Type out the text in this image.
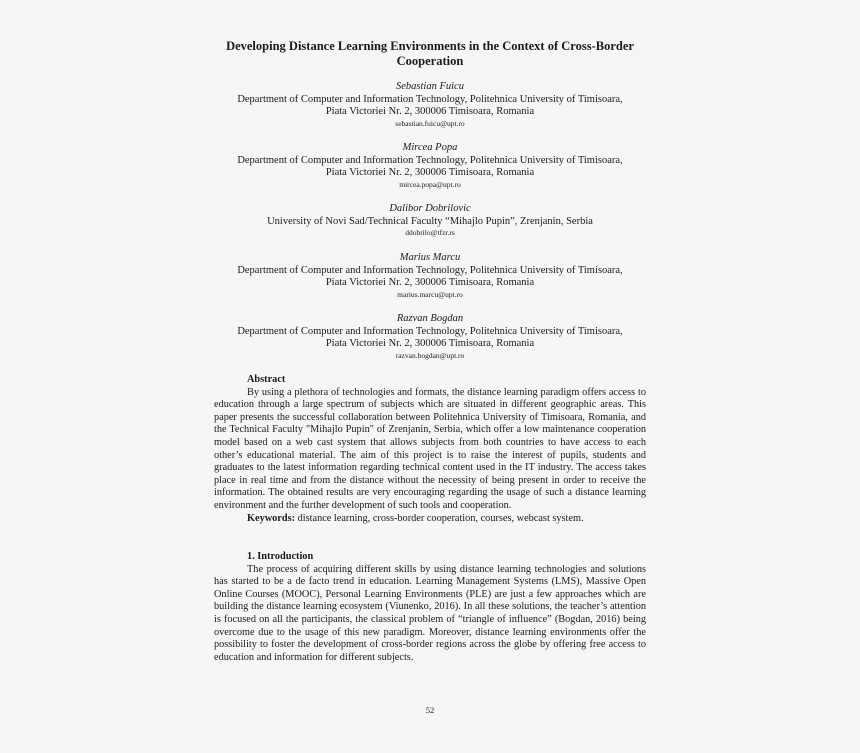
Developing Distance Learning Environments in the Context of Cross-Border
Cooperation
Sebastian Fuicu
Department of Computer and Information Technology, Politehnica University of Timisoara,
Piata Victoriei Nr. 2, 300006 Timisoara, Romania
sebastian.fuicu@upt.ro
Mircea Popa
Department of Computer and Information Technology, Politehnica University of Timisoara,
Piata Victoriei Nr. 2, 300006 Timisoara, Romania
mircea.popa@upt.ro
Dalibor Dobrilovic
University of Novi Sad/Technical Faculty “Mihajlo Pupin”, Zrenjanin, Serbia
ddobrilo@tfzr.rs
Marius Marcu
Department of Computer and Information Technology, Politehnica University of Timisoara,
Piata Victoriei Nr. 2, 300006 Timisoara, Romania
marius.marcu@upt.ro
Razvan Bogdan
Department of Computer and Information Technology, Politehnica University of Timisoara,
Piata Victoriei Nr. 2, 300006 Timisoara, Romania
razvan.bogdan@upt.ro
Abstract
By using a plethora of technologies and formats, the distance learning paradigm offers access to education through a large spectrum of subjects which are situated in different geographic areas. This paper presents the successful collaboration between Politehnica University of Timisoara, Romania, and the Technical Faculty "Mihajlo Pupin" of Zrenjanin, Serbia, which offer a low maintenance cooperation model based on a web cast system that allows subjects from both countries to have access to each other’s educational material. The aim of this project is to raise the interest of pupils, students and graduates to the latest information regarding technical content used in the IT industry. The access takes place in real time and from the distance without the necessity of being present in order to receive the information. The obtained results are very encouraging regarding the usage of such a distance learning environment and the further development of such tools and cooperation.
Keywords: distance learning, cross-border cooperation, courses, webcast system.
1. Introduction
The process of acquiring different skills by using distance learning technologies and solutions has started to be a de facto trend in education. Learning Management Systems (LMS), Massive Open Online Courses (MOOC), Personal Learning Environments (PLE) are just a few approaches which are building the distance learning ecosystem (Viunenko, 2016). In all these solutions, the teacher’s attention is focused on all the participants, the classical problem of “triangle of influence” (Bogdan, 2016) being overcome due to the usage of this new paradigm. Moreover, distance learning environments offer the possibility to foster the development of cross-border regions across the globe by offering free access to education and information for different subjects.
52
